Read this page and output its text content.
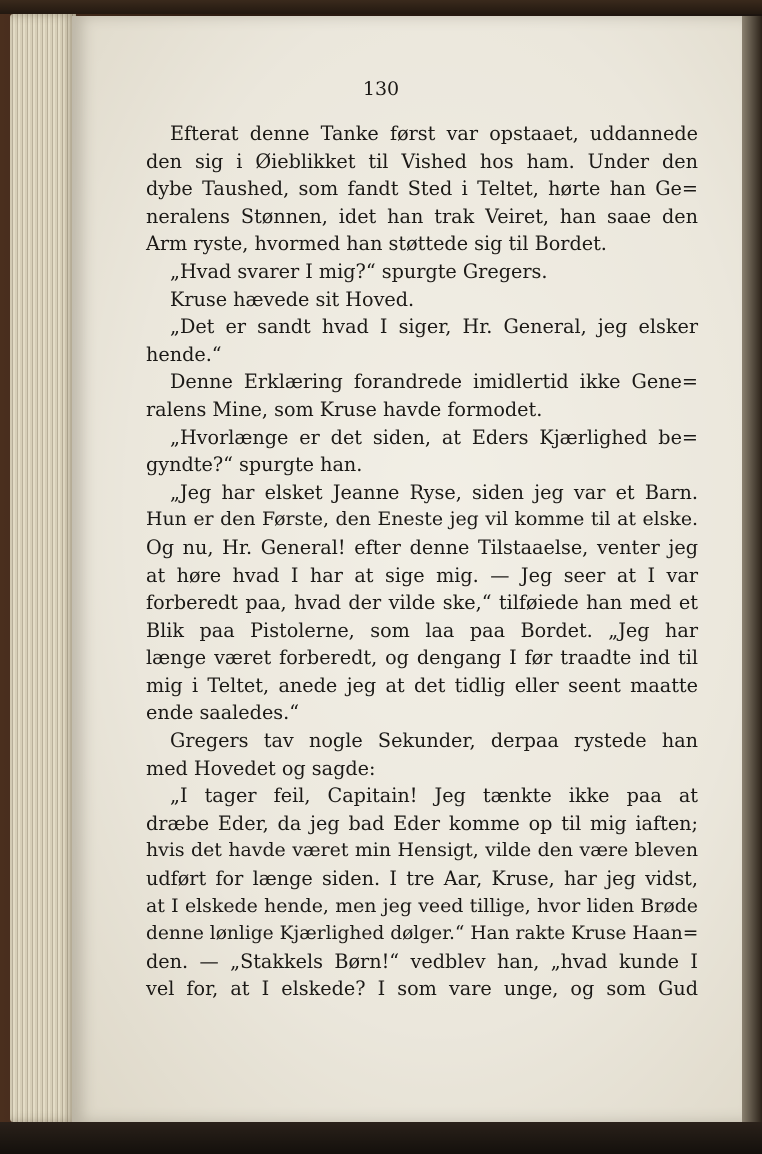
130
Efterat denne Tanke først var opstaaet, uddannede
den sig i Øieblikket til Vished hos ham. Under den
dybe Taushed, som fandt Sted i Teltet, hørte han Ge=
neralens Stønnen, idet han trak Veiret, han saae den
Arm ryste, hvormed han støttede sig til Bordet.
„Hvad svarer I mig?“ spurgte Gregers.
Kruse hævede sit Hoved.
„Det er sandt hvad I siger, Hr. General, jeg elsker
hende.“
Denne Erklæring forandrede imidlertid ikke Gene=
ralens Mine, som Kruse havde formodet.
„Hvorlænge er det siden, at Eders Kjærlighed be=
gyndte?“ spurgte han.
„Jeg har elsket Jeanne Ryse, siden jeg var et Barn.
Hun er den Første, den Eneste jeg vil komme til at elske.
Og nu, Hr. General! efter denne Tilstaaelse, venter jeg
at høre hvad I har at sige mig. — Jeg seer at I var
forberedt paa, hvad der vilde ske,“ tilføiede han med et
Blik paa Pistolerne, som laa paa Bordet. „Jeg har
længe været forberedt, og dengang I før traadte ind til
mig i Teltet, anede jeg at det tidlig eller seent maatte
ende saaledes.“
Gregers tav nogle Sekunder, derpaa rystede han
med Hovedet og sagde:
„I tager feil, Capitain! Jeg tænkte ikke paa at
dræbe Eder, da jeg bad Eder komme op til mig iaften;
hvis det havde været min Hensigt, vilde den være bleven
udført for længe siden. I tre Aar, Kruse, har jeg vidst,
at I elskede hende, men jeg veed tillige, hvor liden Brøde
denne lønlige Kjærlighed dølger.“ Han rakte Kruse Haan=
den. — „Stakkels Børn!“ vedblev han, „hvad kunde I
vel for, at I elskede? I som vare unge, og som Gud
